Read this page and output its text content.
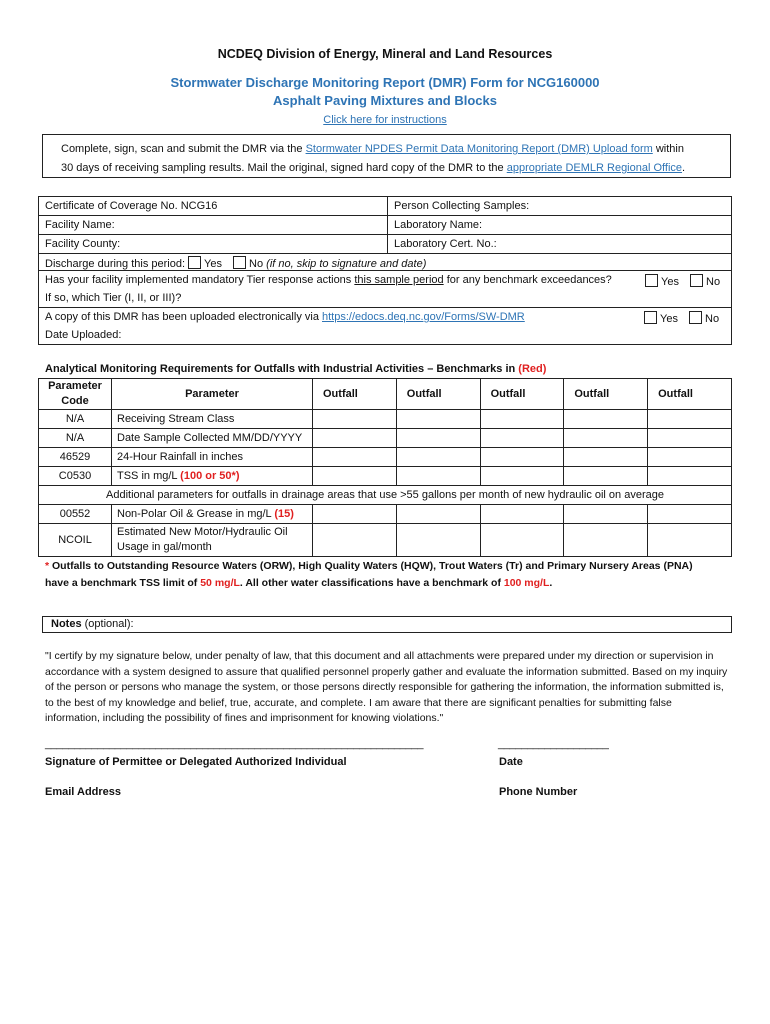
NCDEQ Division of Energy, Mineral and Land Resources
Stormwater Discharge Monitoring Report (DMR) Form for NCG160000
Asphalt Paving Mixtures and Blocks
Click here for instructions
Complete, sign, scan and submit the DMR via the Stormwater NPDES Permit Data Monitoring Report (DMR) Upload form within
30 days of receiving sampling results. Mail the original, signed hard copy of the DMR to the appropriate DEMLR Regional Office.
Certificate of Coverage No. NCG16	Person Collecting Samples:
Facility Name:	Laboratory Name:
Facility County:	Laboratory Cert. No.:
Discharge during this period: Yes No (if no, skip to signature and date)
Has your facility implemented mandatory Tier response actions this sample period for any benchmark exceedances?	Yes No
If so, which Tier (I, II, or III)?
A copy of this DMR has been uploaded electronically via https://edocs.deq.nc.gov/Forms/SW-DMR	Yes No
Date Uploaded:
Analytical Monitoring Requirements for Outfalls with Industrial Activities – Benchmarks in (Red)
Parameter
Code	Parameter	Outfall	Outfall	Outfall	Outfall	Outfall
N/A	Receiving Stream Class					
N/A	Date Sample Collected MM/DD/YYYY					
46529	24-Hour Rainfall in inches					
C0530	TSS in mg/L (100 or 50*)					
Additional parameters for outfalls in drainage areas that use >55 gallons per month of new hydraulic oil on average						
00552	Non-Polar Oil & Grease in mg/L (15)					
NCOIL	Estimated New Motor/Hydraulic Oil
Usage in gal/month					
* Outfalls to Outstanding Resource Waters (ORW), High Quality Waters (HQW), Trout Waters (Tr) and Primary Nursery Areas (PNA)
have a benchmark TSS limit of 50 mg/L. All other water classifications have a benchmark of 100 mg/L.
Notes (optional):
"I certify by my signature below, under penalty of law, that this document and all attachments were prepared under my direction or supervision in accordance with a system designed to assure that qualified personnel properly gather and evaluate the information submitted. Based on my inquiry of the person or persons who manage the system, or those persons directly responsible for gathering the information, the information submitted is, to the best of my knowledge and belief, true, accurate, and complete. I am aware that there are significant penalties for submitting false information, including the possibility of fines and imprisonment for knowing violations."
_________________________________________________________________	___________________
Signature of Permittee or Delegated Authorized Individual	Date
Email Address	Phone Number
